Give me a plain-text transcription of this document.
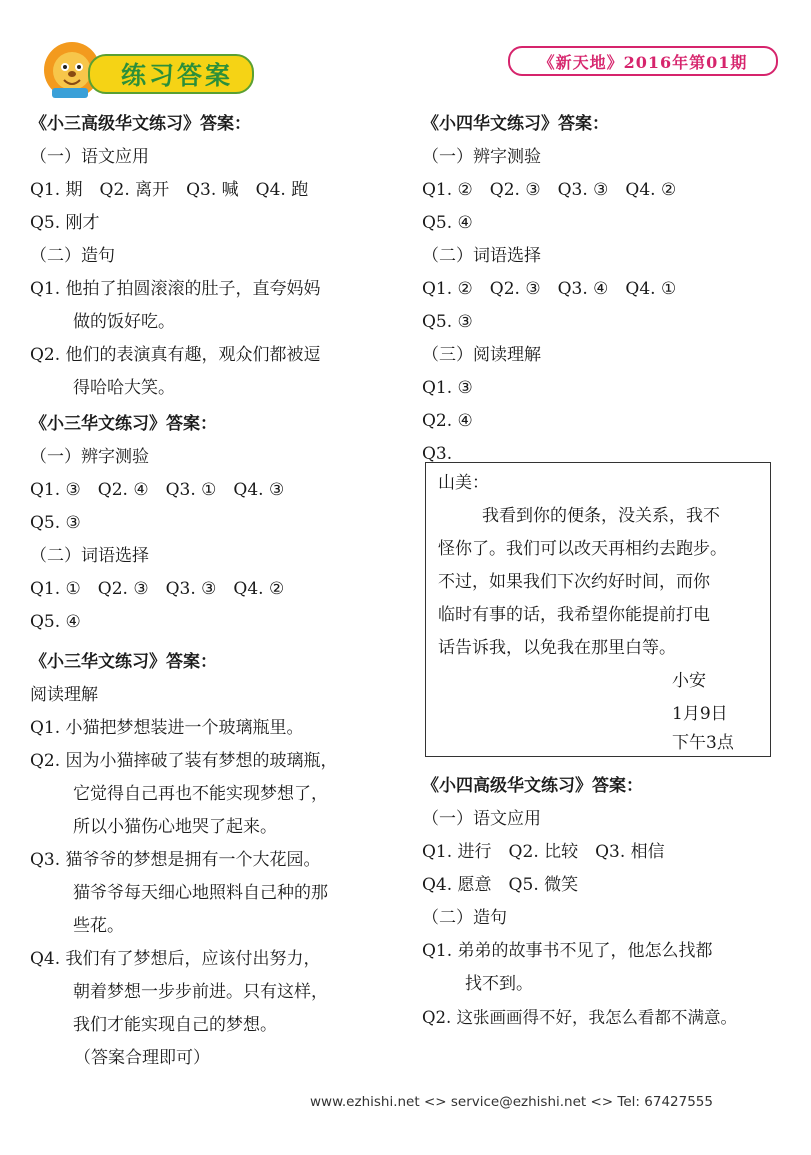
练习答案	《新天地》2016年第01期
《小三高级华文练习》答案：
（一）语文应用
Q1. 期　Q2. 离开　Q3. 喊　Q4. 跑
Q5. 刚才
（二）造句
Q1. 他拍了拍圆滚滚的肚子，直夸妈妈
做的饭好吃。
Q2. 他们的表演真有趣，观众们都被逗
得哈哈大笑。
《小三华文练习》答案：
（一）辨字测验
Q1. ③　Q2. ④　Q3. ①　Q4. ③
Q5. ③
（二）词语选择
Q1. ①　Q2. ③　Q3. ③　Q4. ②
Q5. ④
《小三华文练习》答案：
阅读理解
Q1. 小猫把梦想装进一个玻璃瓶里。
Q2. 因为小猫摔破了装有梦想的玻璃瓶，
它觉得自己再也不能实现梦想了，
所以小猫伤心地哭了起来。
Q3. 猫爷爷的梦想是拥有一个大花园。
猫爷爷每天细心地照料自己种的那
些花。
Q4. 我们有了梦想后，应该付出努力，
朝着梦想一步步前进。只有这样，
我们才能实现自己的梦想。
（答案合理即可）
《小四华文练习》答案：
（一）辨字测验
Q1. ②　Q2. ③　Q3. ③　Q4. ②
Q5. ④
（二）词语选择
Q1. ②　Q2. ③　Q3. ④　Q4. ①
Q5. ③
（三）阅读理解
Q1. ③
Q2. ④
Q3.
山美：
我看到你的便条，没关系，我不
怪你了。我们可以改天再相约去跑步。
不过，如果我们下次约好时间，而你
临时有事的话，我希望你能提前打电
话告诉我，以免我在那里白等。
小安
1月9日
下午3点
《小四高级华文练习》答案：
（一）语文应用
Q1. 进行　Q2. 比较　Q3. 相信
Q4. 愿意　Q5. 微笑
（二）造句
Q1. 弟弟的故事书不见了，他怎么找都
找不到。
Q2. 这张画画得不好，我怎么看都不满意。
www.ezhishi.net <> service@ezhishi.net <> Tel: 67427555
